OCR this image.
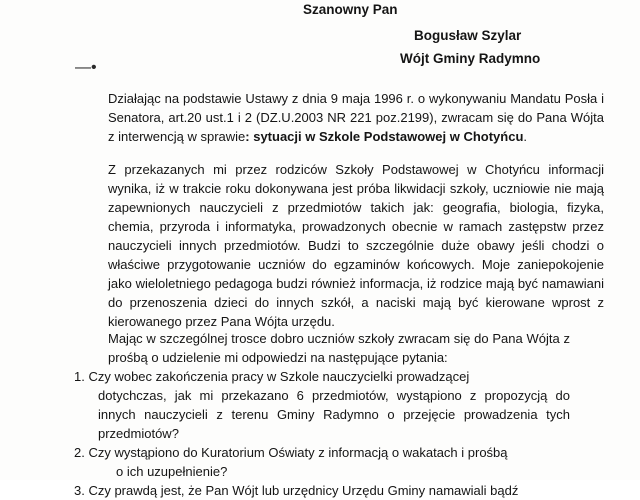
—•
Szanowny Pan
Bogusław Szylar
Wójt Gminy Radymno
Działając na podstawie Ustawy z dnia 9 maja 1996 r. o wykonywaniu Mandatu Posła i Senatora, art.20 ust.1 i 2 (DZ.U.2003 NR 221 poz.2199), zwracam się do Pana Wójta z interwencją w sprawie: sytuacji w Szkole Podstawowej w Chotyńcu.
Z przekazanych mi przez rodziców Szkoły Podstawowej w Chotyńcu informacji wynika, iż w trakcie roku dokonywana jest próba likwidacji szkoły, uczniowie nie mają zapewnionych nauczycieli z przedmiotów takich jak: geografia, biologia, fizyka, chemia, przyroda i informatyka, prowadzonych obecnie w ramach zastępstw przez nauczycieli innych przedmiotów. Budzi to szczególnie duże obawy jeśli chodzi o właściwe przygotowanie uczniów do egzaminów końcowych. Moje zaniepokojenie jako wieloletniego pedagoga budzi również informacja, iż rodzice mają być namawiani do przenoszenia dzieci do innych szkół, a naciski mają być kierowane wprost z kierowanego przez Pana Wójta urzędu.
Mając w szczególnej trosce dobro uczniów szkoły zwracam się do Pana Wójta z prośbą o udzielenie mi odpowiedzi na następujące pytania:
1. Czy wobec zakończenia pracy w Szkole nauczycielki prowadzącej
dotychczas, jak mi przekazano 6 przedmiotów, wystąpiono z propozycją do innych nauczycieli z terenu Gminy Radymno o przejęcie prowadzenia tych przedmiotów?
2. Czy wystąpiono do Kuratorium Oświaty z informacją o wakatach i prośbą
o ich uzupełnienie?
3. Czy prawdą jest, że Pan Wójt lub urzędnicy Urzędu Gminy namawiali bądź
